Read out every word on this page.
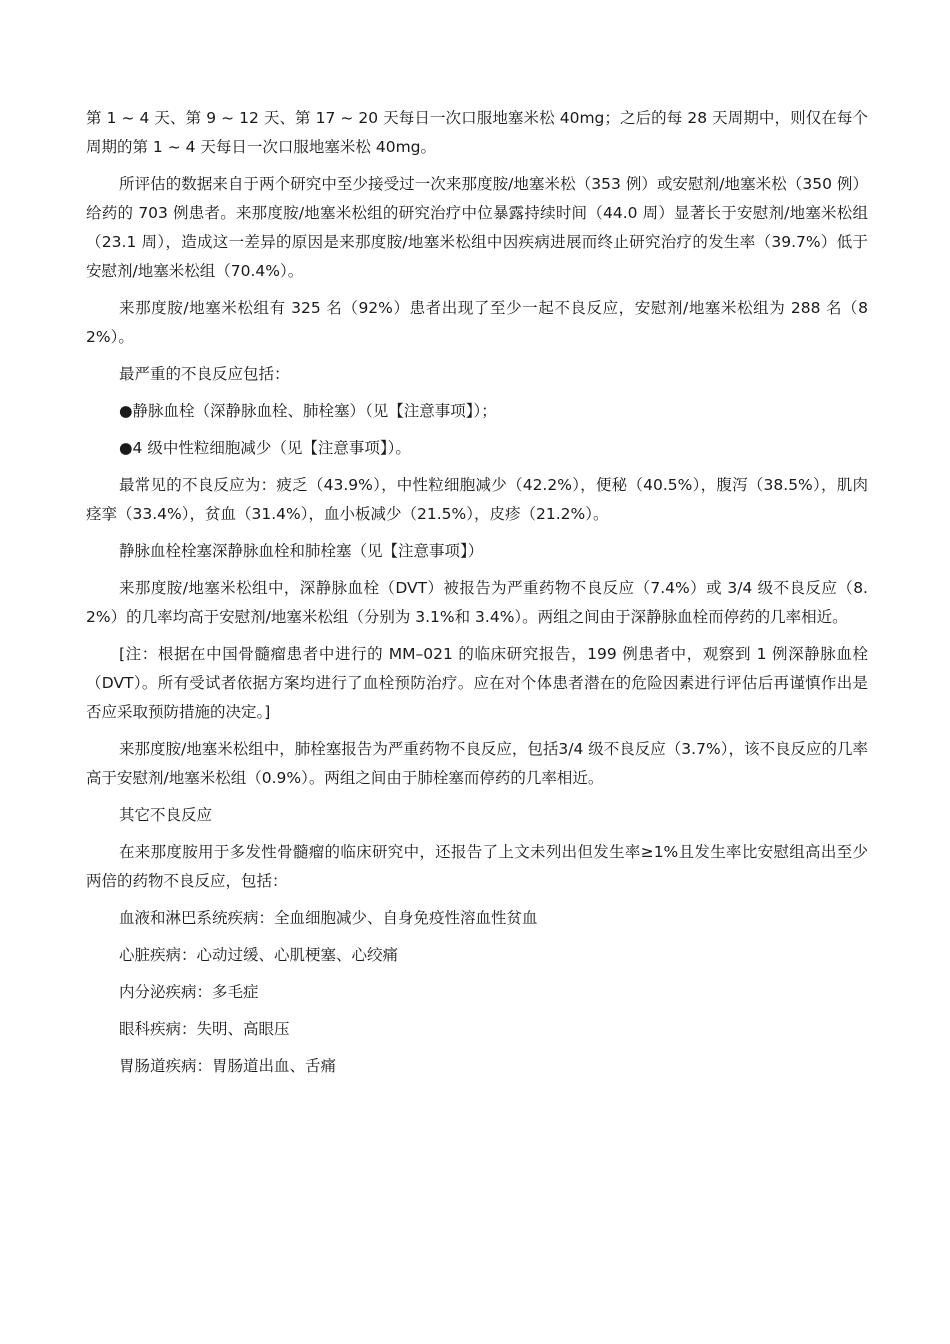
第 1 ~ 4 天、第 9 ~ 12 天、第 17 ~ 20 天每日一次口服地塞米松 40mg；之后的每 28 天周期中，则仅在每个周期的第 1 ~ 4 天每日一次口服地塞米松 40mg。

所评估的数据来自于两个研究中至少接受过一次来那度胺/地塞米松（353 例）或安慰剂/地塞米松（350 例）给药的 703 例患者。来那度胺/地塞米松组的研究治疗中位暴露持续时间（44.0 周）显著长于安慰剂/地塞米松组（23.1 周），造成这一差异的原因是来那度胺/地塞米松组中因疾病进展而终止研究治疗的发生率（39.7%）低于安慰剂/地塞米松组（70.4%）。

来那度胺/地塞米松组有 325 名（92%）患者出现了至少一起不良反应，安慰剂/地塞米松组为 288 名（82%）。

最严重的不良反应包括：

●静脉血栓（深静脉血栓、肺栓塞）（见【注意事项】）；

●4 级中性粒细胞减少（见【注意事项】）。

最常见的不良反应为：疲乏（43.9%），中性粒细胞减少（42.2%），便秘（40.5%），腹泻（38.5%），肌肉痉挛（33.4%），贫血（31.4%），血小板减少（21.5%），皮疹（21.2%）。

静脉血栓栓塞深静脉血栓和肺栓塞（见【注意事项】）

来那度胺/地塞米松组中，深静脉血栓（DVT）被报告为严重药物不良反应（7.4%）或 3/4 级不良反应（8.2%）的几率均高于安慰剂/地塞米松组（分别为 3.1%和 3.4%）。两组之间由于深静脉血栓而停药的几率相近。

[注：根据在中国骨髓瘤患者中进行的 MM–021 的临床研究报告，199 例患者中，观察到 1 例深静脉血栓（DVT）。所有受试者依据方案均进行了血栓预防治疗。应在对个体患者潜在的危险因素进行评估后再谨慎作出是否应采取预防措施的决定。]

来那度胺/地塞米松组中，肺栓塞报告为严重药物不良反应，包括3/4 级不良反应（3.7%），该不良反应的几率高于安慰剂/地塞米松组（0.9%）。两组之间由于肺栓塞而停药的几率相近。

其它不良反应

在来那度胺用于多发性骨髓瘤的临床研究中，还报告了上文未列出但发生率≥1%且发生率比安慰组高出至少两倍的药物不良反应，包括：

血液和淋巴系统疾病：全血细胞减少、自身免疫性溶血性贫血

心脏疾病：心动过缓、心肌梗塞、心绞痛

内分泌疾病：多毛症

眼科疾病：失明、高眼压

胃肠道疾病：胃肠道出血、舌痛
